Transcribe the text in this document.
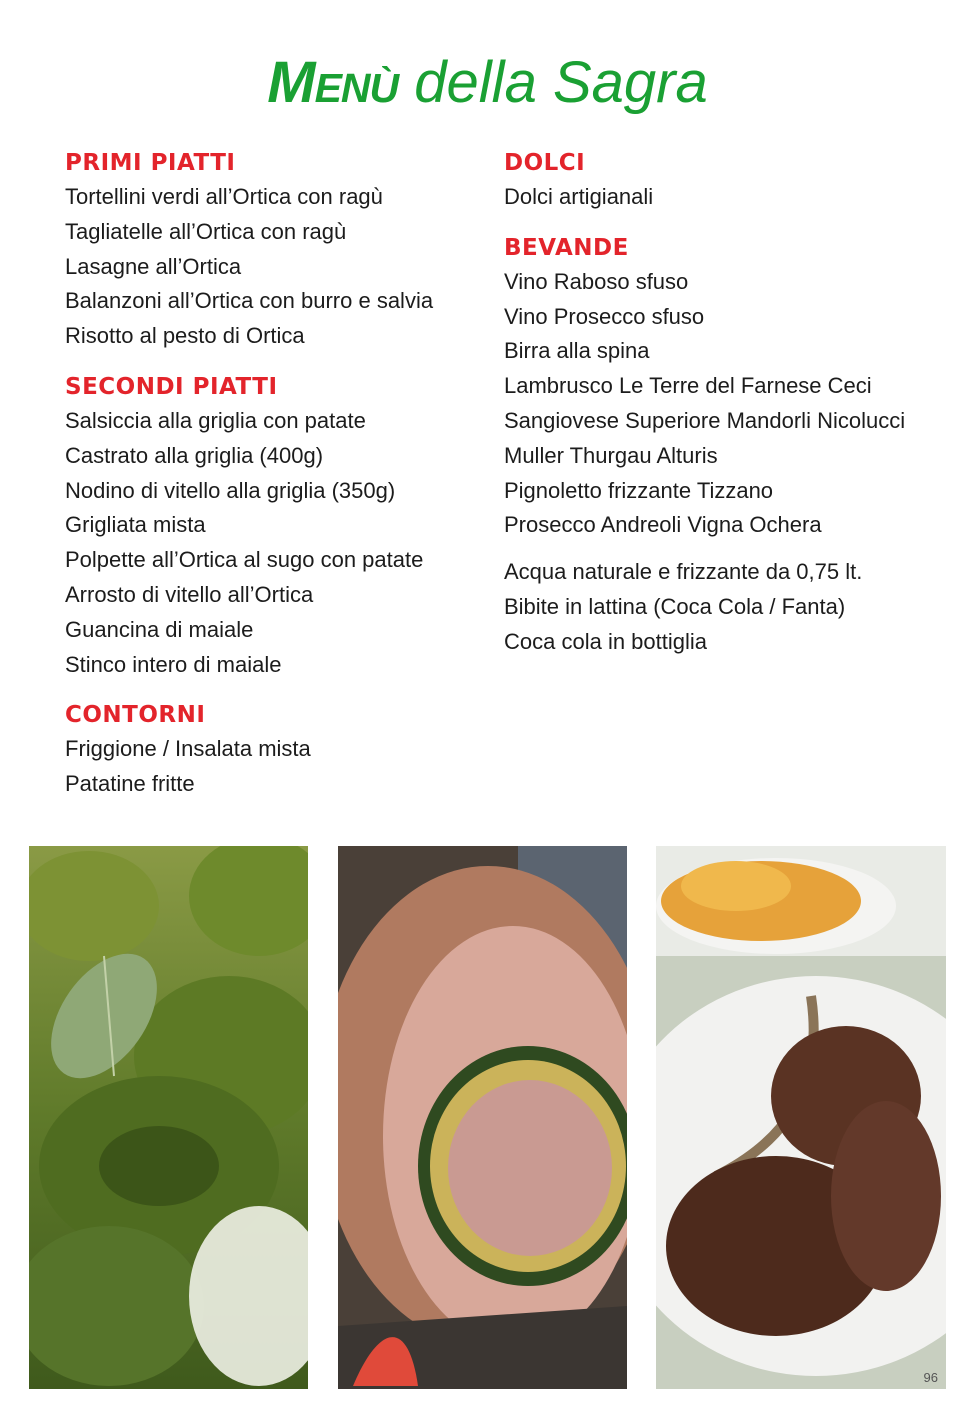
Menù della Sagra
PRIMI PIATTI
Tortellini verdi all’Ortica con ragù
Tagliatelle all’Ortica con ragù
Lasagne all’Ortica
Balanzoni all’Ortica con burro e salvia
Risotto al pesto di Ortica
SECONDI PIATTI
Salsiccia alla griglia con patate
Castrato alla griglia (400g)
Nodino di vitello alla griglia (350g)
Grigliata mista
Polpette all’Ortica al sugo con patate
Arrosto di vitello all’Ortica
Guancina di maiale
Stinco intero di maiale
CONTORNI
Friggione / Insalata mista
Patatine fritte
DOLCI
Dolci artigianali
BEVANDE
Vino Raboso sfuso
Vino Prosecco sfuso
Birra alla spina
Lambrusco Le Terre del Farnese Ceci
Sangiovese Superiore Mandorli Nicolucci
Muller Thurgau Alturis
Pignoletto frizzante Tizzano
Prosecco Andreoli Vigna Ochera
Acqua naturale e frizzante da 0,75 lt.
Bibite in lattina (Coca Cola / Fanta)
Coca cola in bottiglia
96
